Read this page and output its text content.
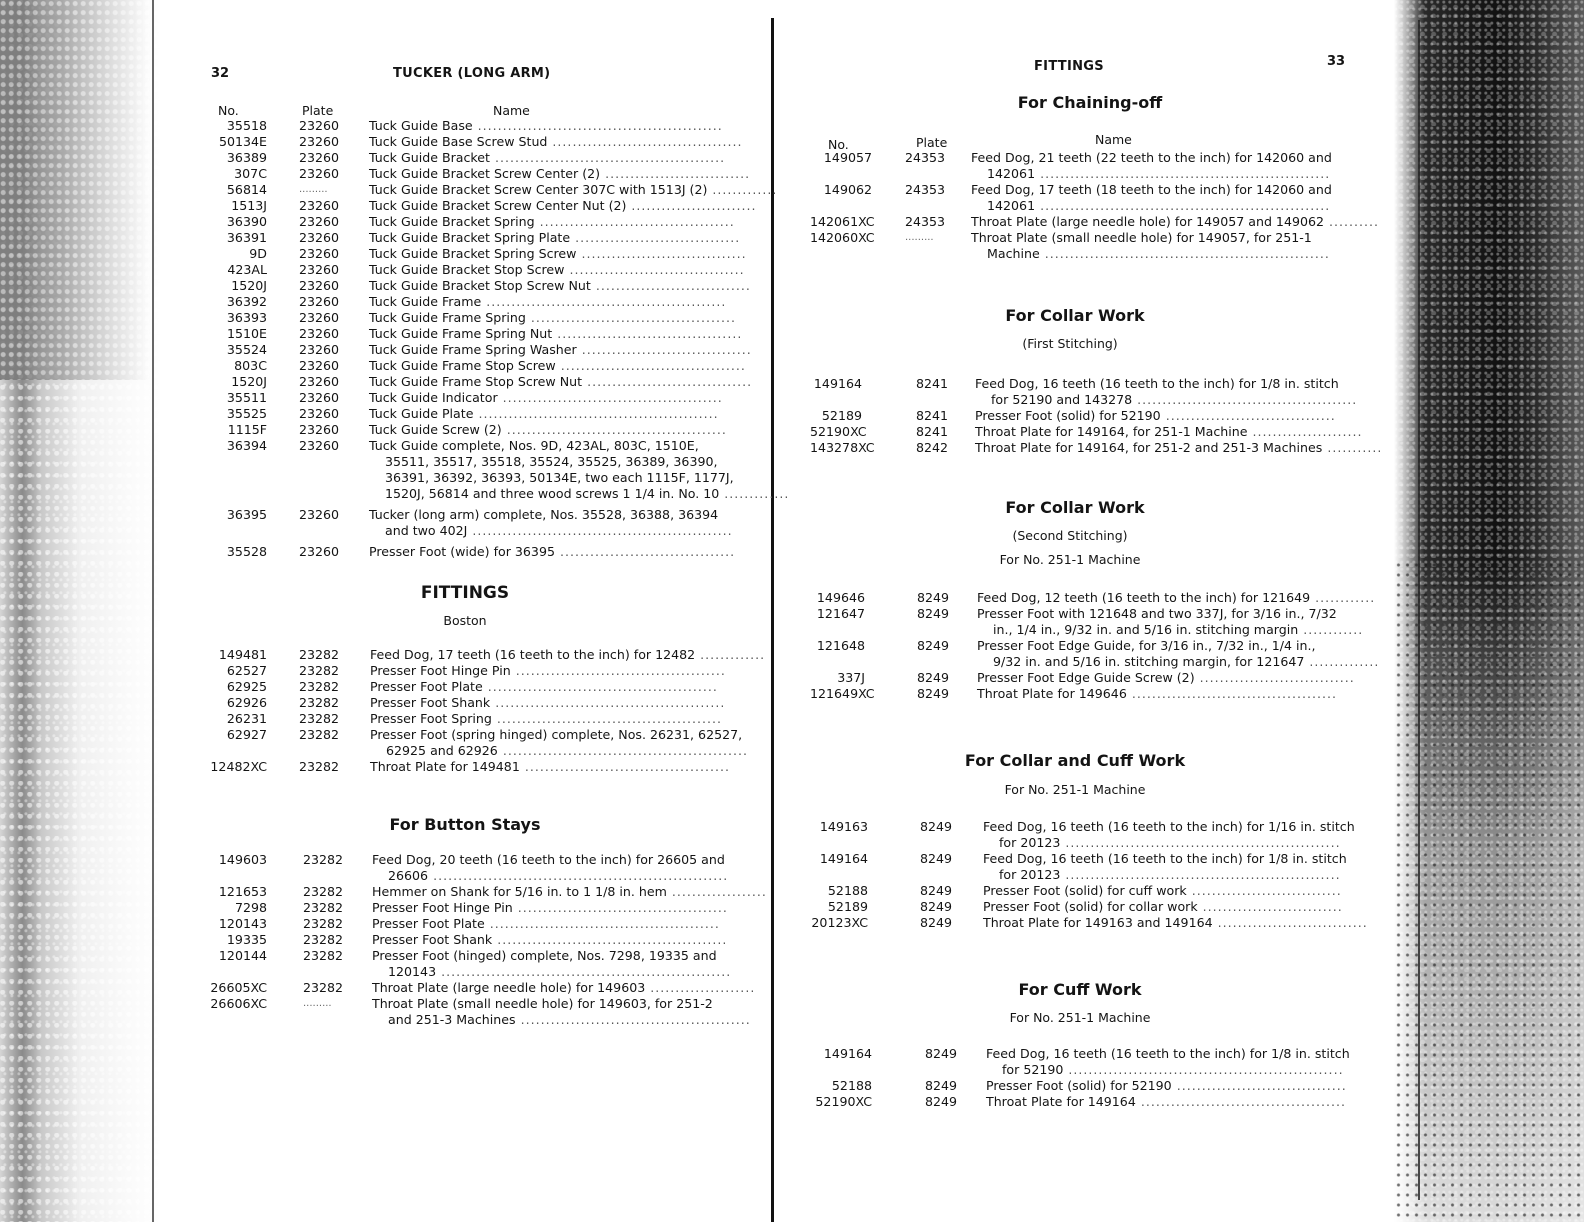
32	TUCKER (LONG ARM)
No.	Plate	Name
35518	23260 Tuck Guide Base .................................................
50134E	23260 Tuck Guide Base Screw Stud ......................................
36389	23260 Tuck Guide Bracket ..............................................
307C	23260 Tuck Guide Bracket Screw Center (2) .............................
56814	.........	Tuck Guide Bracket Screw Center 307C with 1513J (2) .............
1513J	23260 Tuck Guide Bracket Screw Center Nut (2) .........................
36390	23260 Tuck Guide Bracket Spring .......................................
36391	23260 Tuck Guide Bracket Spring Plate .................................
9D	23260 Tuck Guide Bracket Spring Screw .................................
423AL	23260 Tuck Guide Bracket Stop Screw ...................................
1520J	23260 Tuck Guide Bracket Stop Screw Nut ...............................
36392	23260 Tuck Guide Frame ................................................
36393	23260 Tuck Guide Frame Spring .........................................
1510E	23260 Tuck Guide Frame Spring Nut .....................................
35524	23260 Tuck Guide Frame Spring Washer ..................................
803C	23260 Tuck Guide Frame Stop Screw .....................................
1520J	23260 Tuck Guide Frame Stop Screw Nut .................................
35511	23260 Tuck Guide Indicator ............................................
35525	23260 Tuck Guide Plate ................................................
1115F	23260 Tuck Guide Screw (2) ............................................
36394	23260 Tuck Guide complete, Nos. 9D, 423AL, 803C, 1510E,
35511, 35517, 35518, 35524, 35525, 36389, 36390,
36391, 36392, 36393, 50134E, two each 1115F, 1177J,
1520J, 56814 and three wood screws 1 1/4 in. No. 10 .............
36395	23260 Tucker (long arm) complete, Nos. 35528, 36388, 36394
and two 402J ....................................................
35528	23260 Presser Foot (wide) for 36395 ...................................
FITTINGS
Boston
149481	23282 Feed Dog, 17 teeth (16 teeth to the inch) for 12482 .............
62527	23282 Presser Foot Hinge Pin ..........................................
62925	23282 Presser Foot Plate ..............................................
62926	23282 Presser Foot Shank ..............................................
26231	23282 Presser Foot Spring .............................................
62927	23282 Presser Foot (spring hinged) complete, Nos. 26231, 62527,
62925 and 62926 .................................................
12482XC	23282 Throat Plate for 149481 .........................................
For Button Stays
149603	23282 Feed Dog, 20 teeth (16 teeth to the inch) for 26605 and
26606 ...........................................................
121653	23282 Hemmer on Shank for 5/16 in. to 1 1/8 in. hem ...................
7298	23282 Presser Foot Hinge Pin ..........................................
120143	23282 Presser Foot Plate ..............................................
19335	23282 Presser Foot Shank ..............................................
120144	23282 Presser Foot (hinged) complete, Nos. 7298, 19335 and
120143 ..........................................................
26605XC	23282 Throat Plate (large needle hole) for 149603 .....................
26606XC	.........	Throat Plate (small needle hole) for 149603, for 251-2
and 251-3 Machines ..............................................
FITTINGS	33
For Chaining-off
No.	Plate	Name
149057	24353 Feed Dog, 21 teeth (22 teeth to the inch) for 142060 and
142061 ..........................................................
149062	24353 Feed Dog, 17 teeth (18 teeth to the inch) for 142060 and
142061 ..........................................................
142061XC 24353 Throat Plate (large needle hole) for 149057 and 149062 ..........
142060XC	.........	Throat Plate (small needle hole) for 149057, for 251-1
Machine .........................................................
For Collar Work
(First Stitching)
149164	8241 Feed Dog, 16 teeth (16 teeth to the inch) for 1/8 in. stitch
for 52190 and 143278 ............................................
52189	8241 Presser Foot (solid) for 52190 ..................................
52190XC	8241 Throat Plate for 149164, for 251-1 Machine ......................
143278XC	8242 Throat Plate for 149164, for 251-2 and 251-3 Machines ...........
For Collar Work
(Second Stitching)
For No. 251-1 Machine
149646	8249 Feed Dog, 12 teeth (16 teeth to the inch) for 121649 ............
121647	8249 Presser Foot with 121648 and two 337J, for 3/16 in., 7/32
in., 1/4 in., 9/32 in. and 5/16 in. stitching margin ............
121648	8249 Presser Foot Edge Guide, for 3/16 in., 7/32 in., 1/4 in.,
9/32 in. and 5/16 in. stitching margin, for 121647 ..............
337J	8249 Presser Foot Edge Guide Screw (2) ...............................
121649XC	8249 Throat Plate for 149646 .........................................
For Collar and Cuff Work
For No. 251-1 Machine
149163	8249 Feed Dog, 16 teeth (16 teeth to the inch) for 1/16 in. stitch
for 20123 .......................................................
149164	8249 Feed Dog, 16 teeth (16 teeth to the inch) for 1/8 in. stitch
for 20123 .......................................................
52188	8249 Presser Foot (solid) for cuff work ..............................
52189	8249 Presser Foot (solid) for collar work ............................
20123XC	8249 Throat Plate for 149163 and 149164 ..............................
For Cuff Work
For No. 251-1 Machine
149164	8249 Feed Dog, 16 teeth (16 teeth to the inch) for 1/8 in. stitch
for 52190 .......................................................
52188	8249 Presser Foot (solid) for 52190 ..................................
52190XC	8249 Throat Plate for 149164 .........................................
